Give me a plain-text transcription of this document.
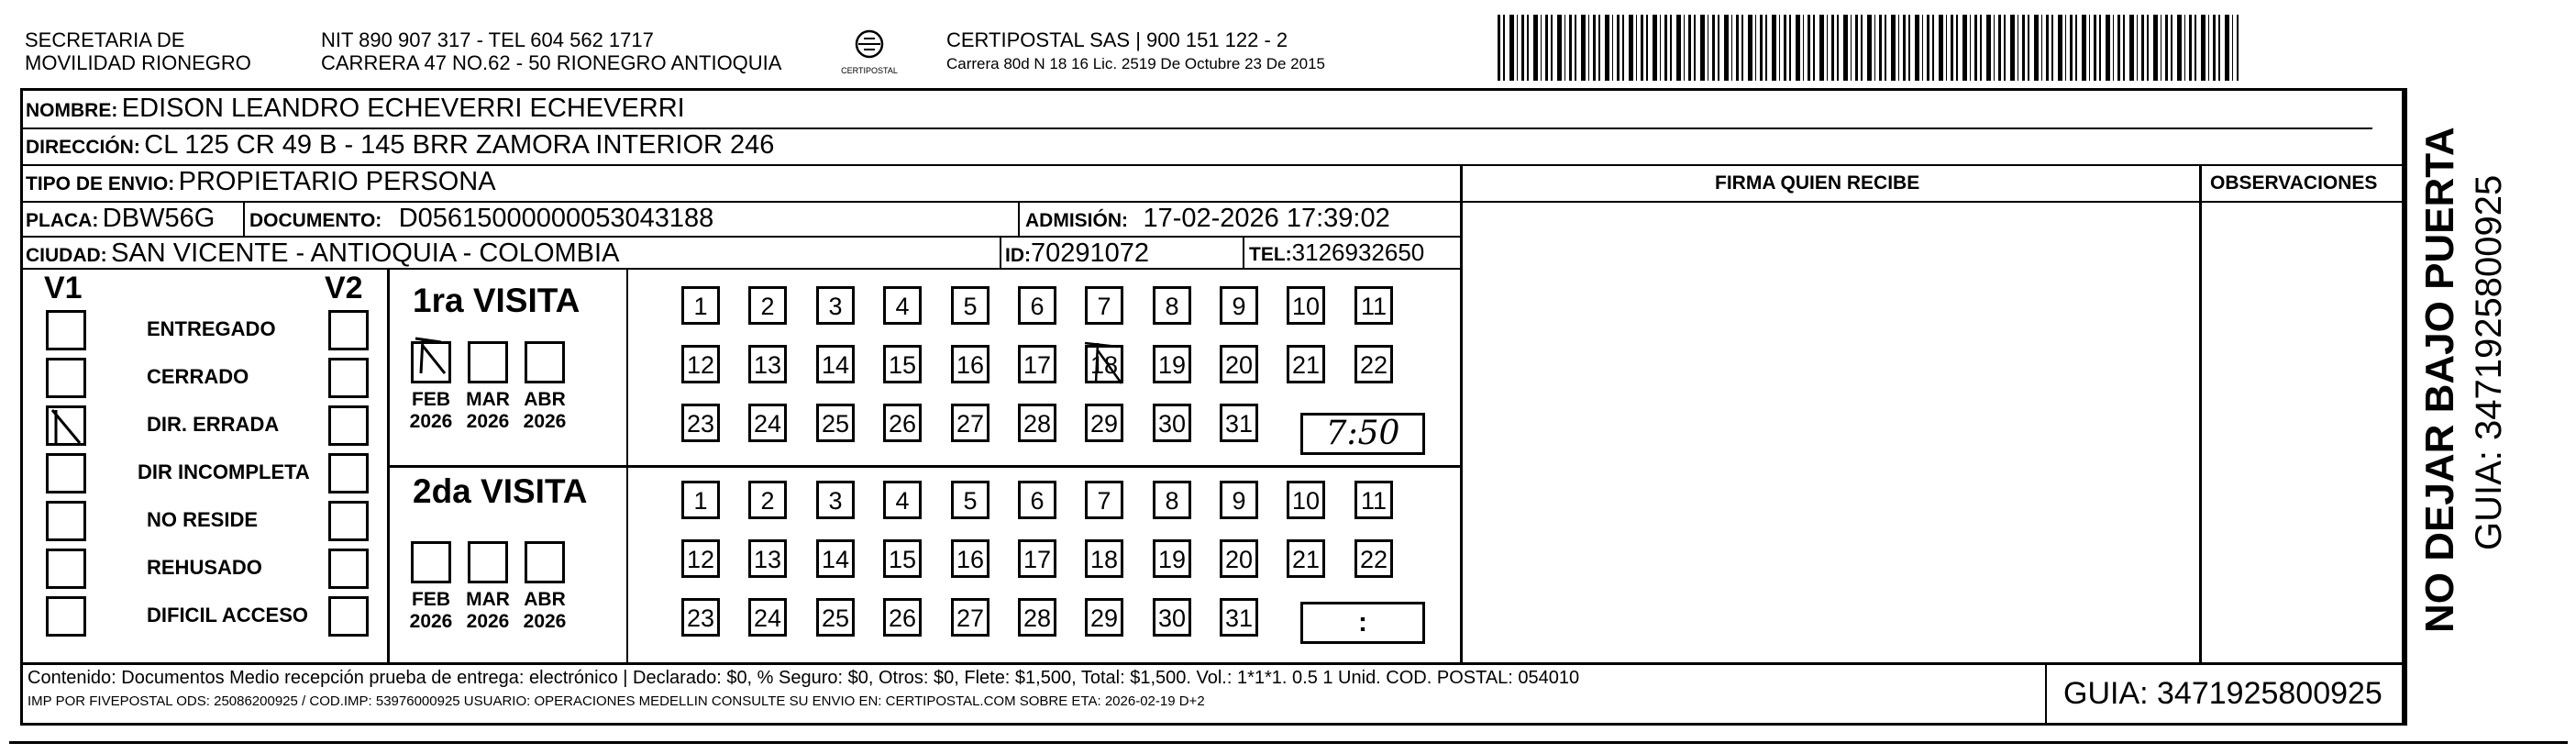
SECRETARIA DE
MOVILIDAD RIONEGRO
NIT 890 907 317 - TEL 604 562 1717
CARRERA 47 NO.62 - 50 RIONEGRO ANTIOQUIA	CERTIPOSTAL
CERTIPOSTAL SAS | 900 151 122 - 2
Carrera 80d N 18 16 Lic. 2519 De Octubre 23 De 2015
NOMBRE: EDISON LEANDRO ECHEVERRI ECHEVERRI
DIRECCIÓN: CL 125 CR 49 B - 145 BRR ZAMORA INTERIOR 246
TIPO DE ENVIO: PROPIETARIO PERSONA	FIRMA QUIEN RECIBE	OBSERVACIONES
PLACA: DBW56G DOCUMENTO: D05615000000053043188	ADMISIÓN: 17-02-2026 17:39:02
CIUDAD: SAN VICENTE - ANTIOQUIA - COLOMBIA	ID:70291072	TEL:3126932650
V1	V2
ENTREGADO
CERRADO
DIR. ERRADA
DIR INCOMPLETA
NO RESIDE
REHUSADO
DIFICIL ACCESO
1ra VISITA
2da VISITA
FEB
2026
MAR
2026
ABR
2026
FEB
2026
MAR
2026
ABR
2026
1	2	3	4	5	6	7	8	9	10 11
12 13 14 15 16 17 18 19 20 21 22
23 24 25 26 27 28 29 30 31
1	2	3	4	5	6	7	8	9	10 11
12 13 14 15 16 17 18 19 20 21 22
23 24 25 26 27 28 29 30 31
7:50
:
Contenido: Documentos Medio recepción prueba de entrega: electrónico | Declarado: $0, % Seguro: $0, Otros: $0, Flete: $1,500, Total: $1,500. Vol.: 1*1*1. 0.5 1 Unid. COD. POSTAL: 054010
IMP POR FIVEPOSTAL ODS: 25086200925 / COD.IMP: 53976000925 USUARIO: OPERACIONES MEDELLIN CONSULTE SU ENVIO EN: CERTIPOSTAL.COM SOBRE ETA: 2026-02-19 D+2	GUIA: 3471925800925
NO DEJAR BAJO PUERTA GUIA: 3471925800925
